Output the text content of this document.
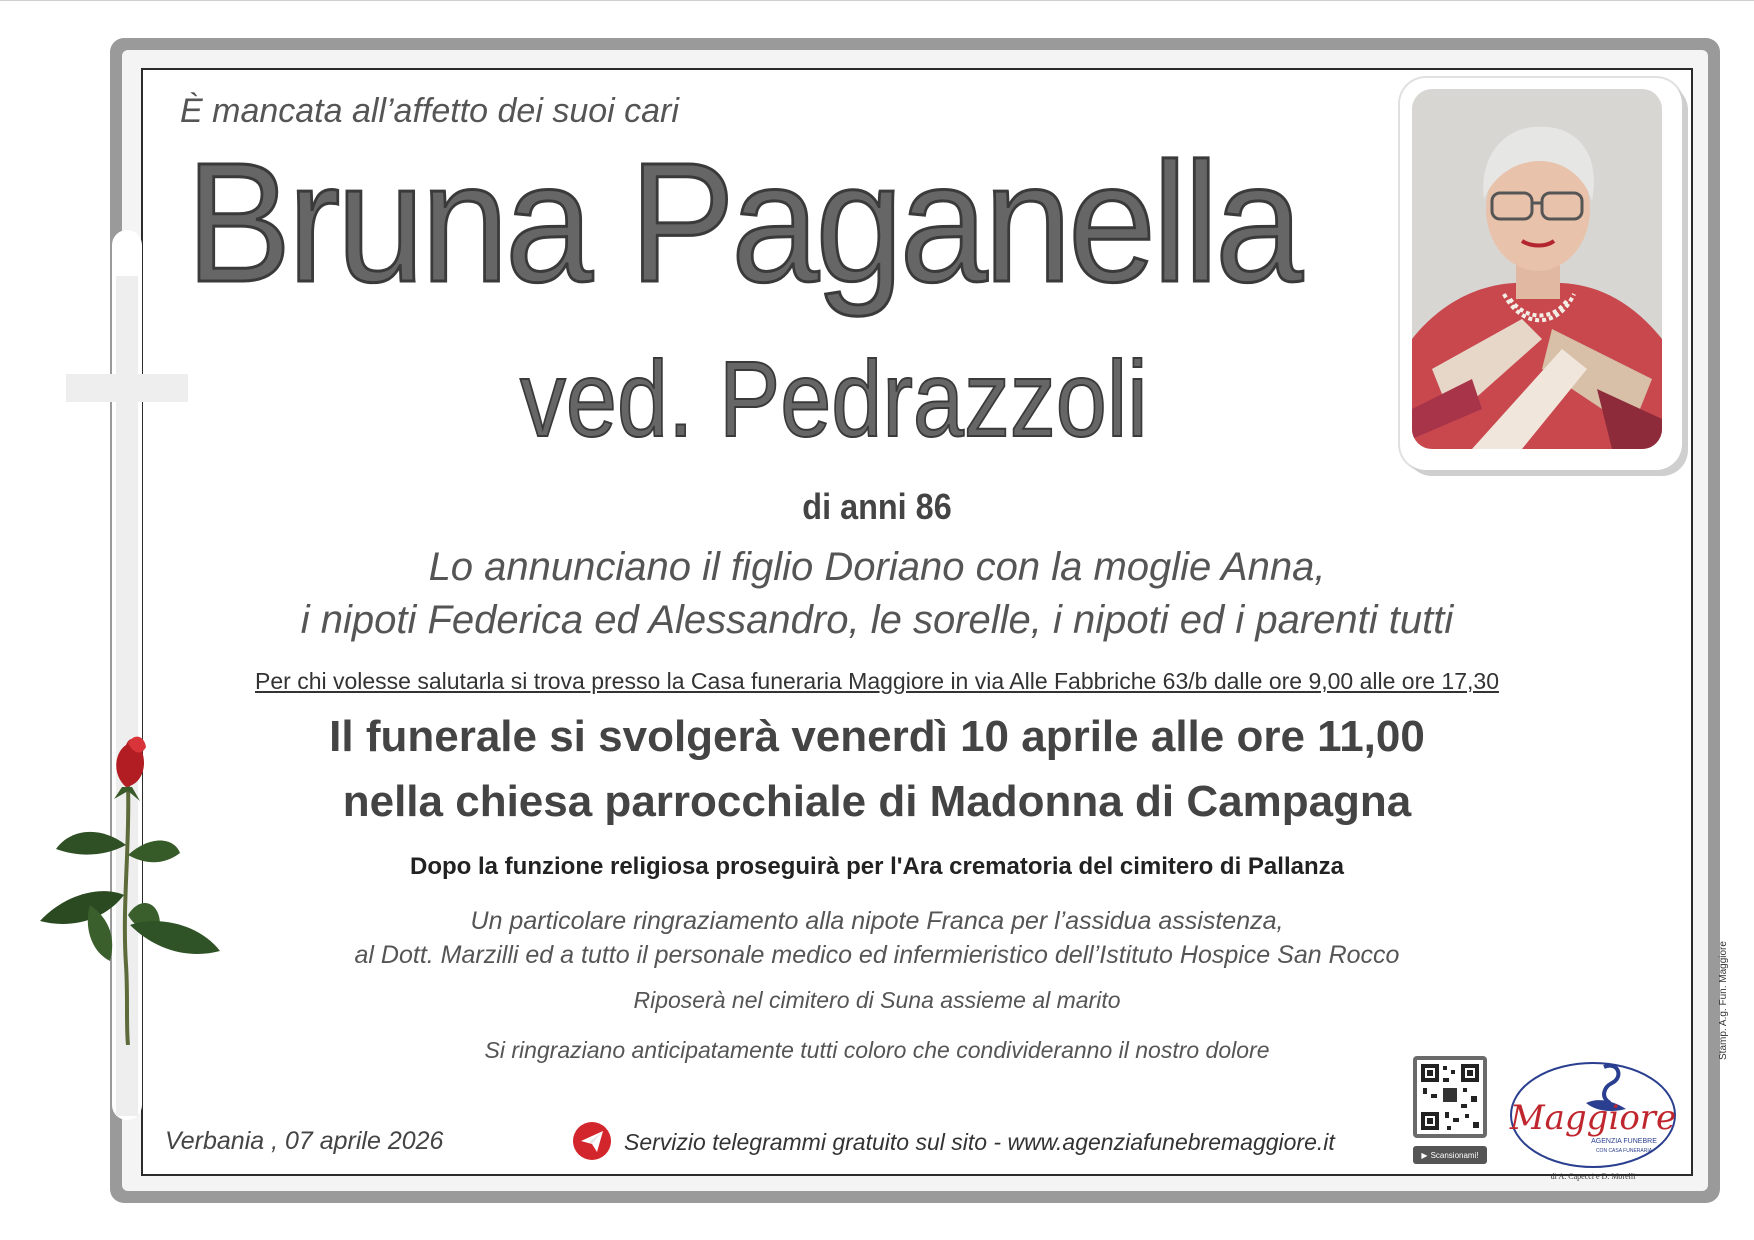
È mancata all’affetto dei suoi cari
Bruna Paganella
ved. Pedrazzoli
di anni 86
Lo annunciano il figlio Doriano con la moglie Anna,
i nipoti Federica ed Alessandro, le sorelle, i nipoti ed i parenti tutti
Per chi volesse salutarla si trova presso la Casa funeraria Maggiore in via Alle Fabbriche 63/b dalle ore 9,00 alle ore 17,30
Il funerale si svolgerà venerdì 10 aprile alle ore 11,00
nella chiesa parrocchiale di Madonna di Campagna
Dopo la funzione religiosa proseguirà per l'Ara crematoria del cimitero di Pallanza
Un particolare ringraziamento alla nipote Franca per l’assidua assistenza,
al Dott. Marzilli ed a tutto il personale medico ed infermieristico dell’Istituto Hospice San Rocco
Riposerà nel cimitero di Suna assieme al marito
Si ringraziano anticipatamente tutti coloro che condivideranno il nostro dolore
Verbania , 07 aprile 2026	Servizio telegrammi gratuito sul sito - www.agenziafunebremaggiore.it	▶ Scansionami!
Maggiore
AGENZIA FUNEBRE
CON CASA FUNERARIA
di A. Capecci e D. Morelli
Stamp. A.g. Fun. Maggiore
